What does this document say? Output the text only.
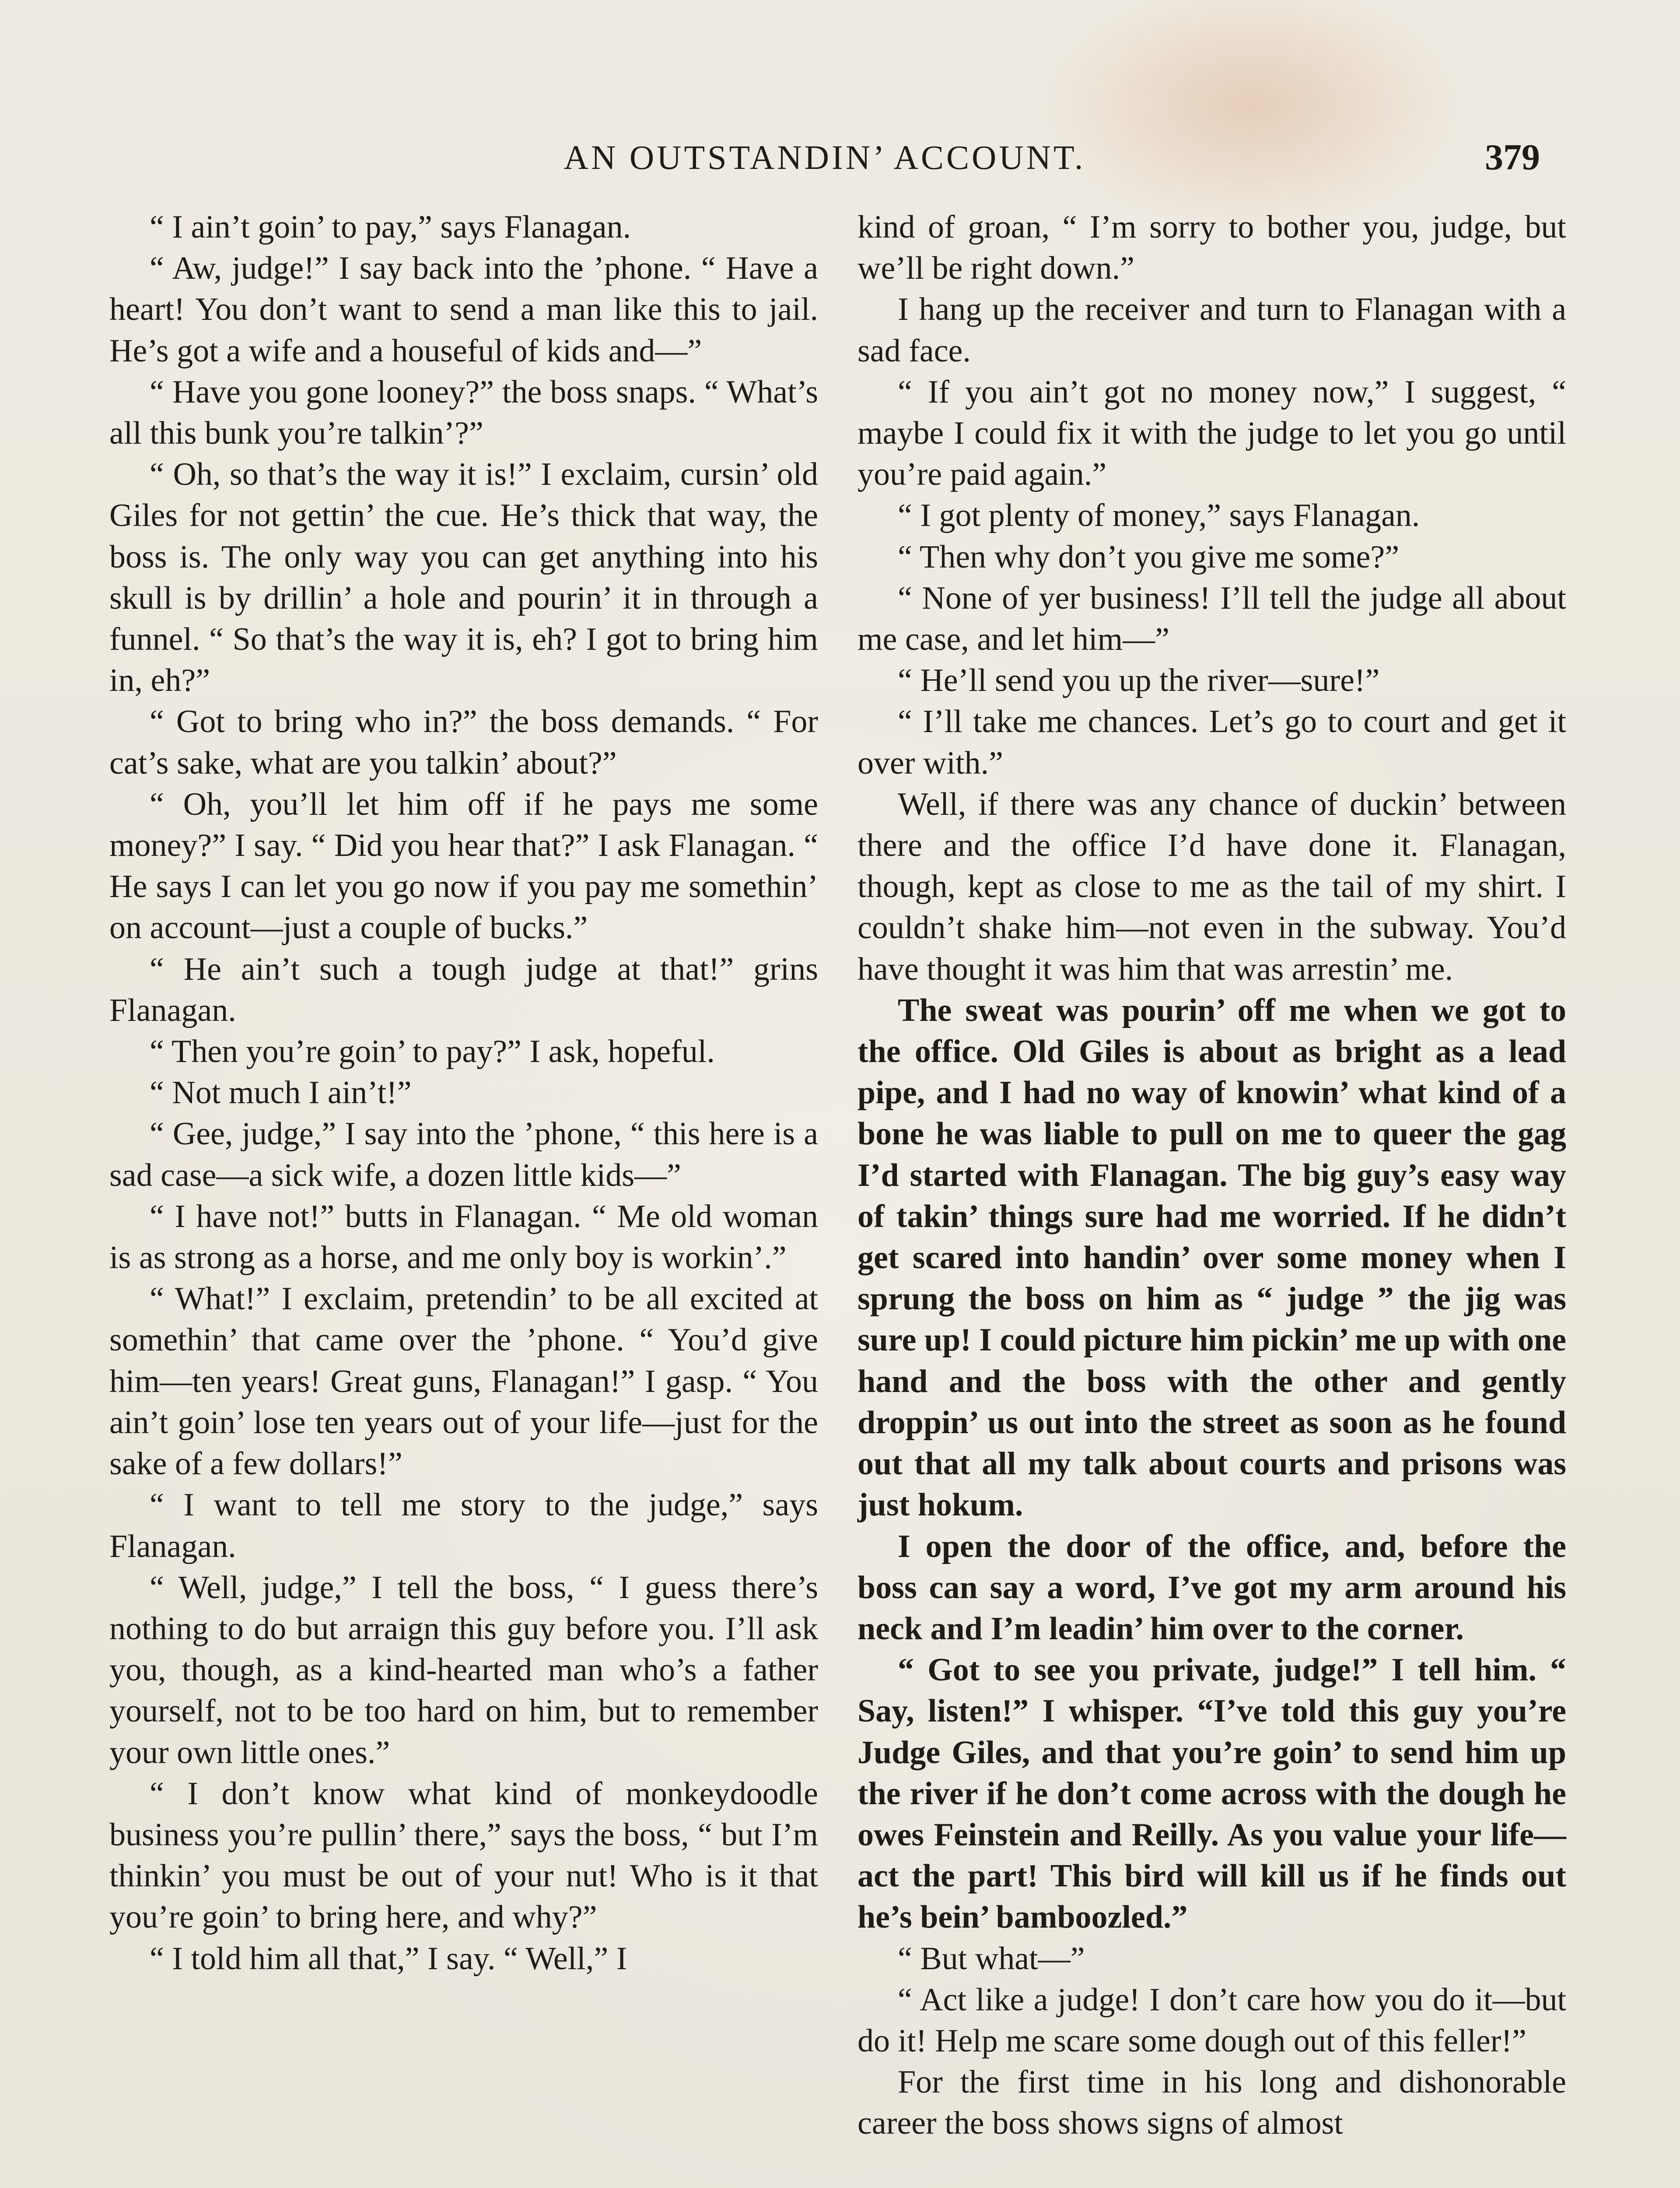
AN OUTSTANDIN’ ACCOUNT.	379

“ I ain’t goin’ to pay,” says Flanagan.

“ Aw, judge!” I say back into the ’phone. “ Have a heart! You don’t want to send a man like this to jail. He’s got a wife and a houseful of kids and—”

“ Have you gone looney?” the boss snaps. “ What’s all this bunk you’re talkin’?”

“ Oh, so that’s the way it is!” I exclaim, cursin’ old Giles for not gettin’ the cue. He’s thick that way, the boss is. The only way you can get anything into his skull is by drillin’ a hole and pourin’ it in through a funnel. “ So that’s the way it is, eh? I got to bring him in, eh?”

“ Got to bring who in?” the boss demands. “ For cat’s sake, what are you talkin’ about?”

“ Oh, you’ll let him off if he pays me some money?” I say. “ Did you hear that?” I ask Flanagan. “ He says I can let you go now if you pay me somethin’ on account—just a couple of bucks.”

“ He ain’t such a tough judge at that!” grins Flanagan.

“ Then you’re goin’ to pay?” I ask, hopeful.

“ Not much I ain’t!”

“ Gee, judge,” I say into the ’phone, “ this here is a sad case—a sick wife, a dozen little kids—”

“ I have not!” butts in Flanagan. “ Me old woman is as strong as a horse, and me only boy is workin’.”

“ What!” I exclaim, pretendin’ to be all excited at somethin’ that came over the ’phone. “ You’d give him—ten years! Great guns, Flanagan!” I gasp. “ You ain’t goin’ lose ten years out of your life—just for the sake of a few dollars!”

“ I want to tell me story to the judge,” says Flanagan.

“ Well, judge,” I tell the boss, “ I guess there’s nothing to do but arraign this guy before you. I’ll ask you, though, as a kind-hearted man who’s a father yourself, not to be too hard on him, but to remember your own little ones.”

“ I don’t know what kind of monkeydoodle business you’re pullin’ there,” says the boss, “ but I’m thinkin’ you must be out of your nut! Who is it that you’re goin’ to bring here, and why?”

“ I told him all that,” I say. “ Well,” I

kind of groan, “ I’m sorry to bother you, judge, but we’ll be right down.”

I hang up the receiver and turn to Flanagan with a sad face.

“ If you ain’t got no money now,” I suggest, “ maybe I could fix it with the judge to let you go until you’re paid again.”

“ I got plenty of money,” says Flanagan.

“ Then why don’t you give me some?”

“ None of yer business! I’ll tell the judge all about me case, and let him—”

“ He’ll send you up the river—sure!”

“ I’ll take me chances. Let’s go to court and get it over with.”

Well, if there was any chance of duckin’ between there and the office I’d have done it. Flanagan, though, kept as close to me as the tail of my shirt. I couldn’t shake him—not even in the subway. You’d have thought it was him that was arrestin’ me.

The sweat was pourin’ off me when we got to the office. Old Giles is about as bright as a lead pipe, and I had no way of knowin’ what kind of a bone he was liable to pull on me to queer the gag I’d started with Flanagan. The big guy’s easy way of takin’ things sure had me worried. If he didn’t get scared into handin’ over some money when I sprung the boss on him as “ judge ” the jig was sure up! I could picture him pickin’ me up with one hand and the boss with the other and gently droppin’ us out into the street as soon as he found out that all my talk about courts and prisons was just hokum.

I open the door of the office, and, before the boss can say a word, I’ve got my arm around his neck and I’m leadin’ him over to the corner.

“ Got to see you private, judge!” I tell him. “ Say, listen!” I whisper. “I’ve told this guy you’re Judge Giles, and that you’re goin’ to send him up the river if he don’t come across with the dough he owes Feinstein and Reilly. As you value your life—act the part! This bird will kill us if he finds out he’s bein’ bamboozled.”

“ But what—”

“ Act like a judge! I don’t care how you do it—but do it! Help me scare some dough out of this feller!”

For the first time in his long and dishonorable career the boss shows signs of almost
